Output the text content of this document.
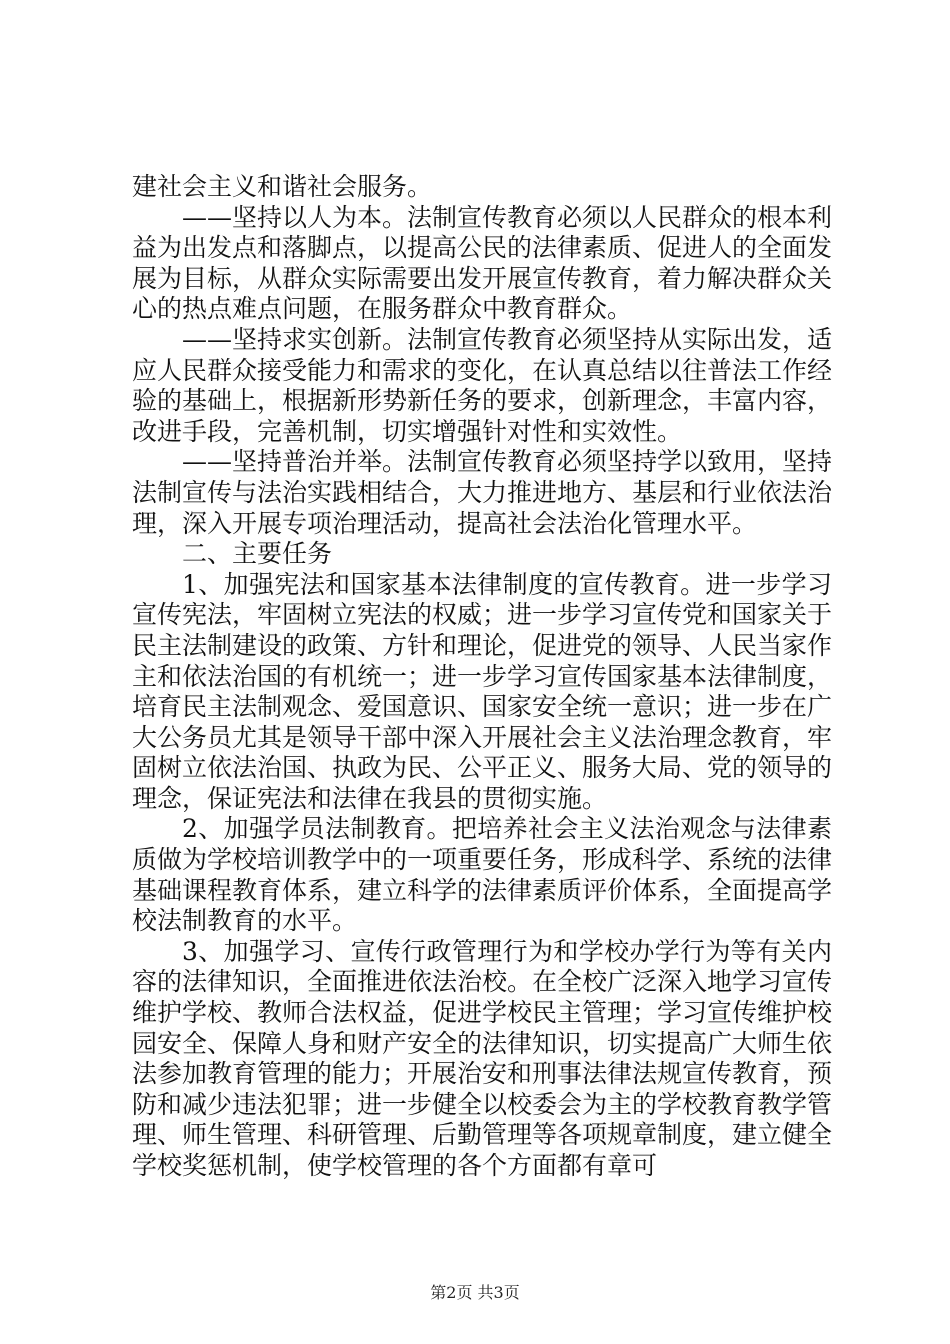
建社会主义和谐社会服务。

——坚持以人为本。法制宣传教育必须以人民群众的根本利益为出发点和落脚点，以提高公民的法律素质、促进人的全面发展为目标，从群众实际需要出发开展宣传教育，着力解决群众关心的热点难点问题，在服务群众中教育群众。

——坚持求实创新。法制宣传教育必须坚持从实际出发，适应人民群众接受能力和需求的变化，在认真总结以往普法工作经验的基础上，根据新形势新任务的要求，创新理念，丰富内容，改进手段，完善机制，切实增强针对性和实效性。

——坚持普治并举。法制宣传教育必须坚持学以致用，坚持法制宣传与法治实践相结合，大力推进地方、基层和行业依法治理，深入开展专项治理活动，提高社会法治化管理水平。

二、主要任务

1、加强宪法和国家基本法律制度的宣传教育。进一步学习宣传宪法，牢固树立宪法的权威；进一步学习宣传党和国家关于民主法制建设的政策、方针和理论，促进党的领导、人民当家作主和依法治国的有机统一；进一步学习宣传国家基本法律制度，培育民主法制观念、爱国意识、国家安全统一意识；进一步在广大公务员尤其是领导干部中深入开展社会主义法治理念教育，牢固树立依法治国、执政为民、公平正义、服务大局、党的领导的理念，保证宪法和法律在我县的贯彻实施。

2、加强学员法制教育。把培养社会主义法治观念与法律素质做为学校培训教学中的一项重要任务，形成科学、系统的法律基础课程教育体系，建立科学的法律素质评价体系，全面提高学校法制教育的水平。

3、加强学习、宣传行政管理行为和学校办学行为等有关内容的法律知识，全面推进依法治校。在全校广泛深入地学习宣传维护学校、教师合法权益，促进学校民主管理；学习宣传维护校园安全、保障人身和财产安全的法律知识，切实提高广大师生依法参加教育管理的能力；开展治安和刑事法律法规宣传教育，预防和减少违法犯罪；进一步健全以校委会为主的学校教育教学管理、师生管理、科研管理、后勤管理等各项规章制度，建立健全学校奖惩机制，使学校管理的各个方面都有章可

第2页 共3页
